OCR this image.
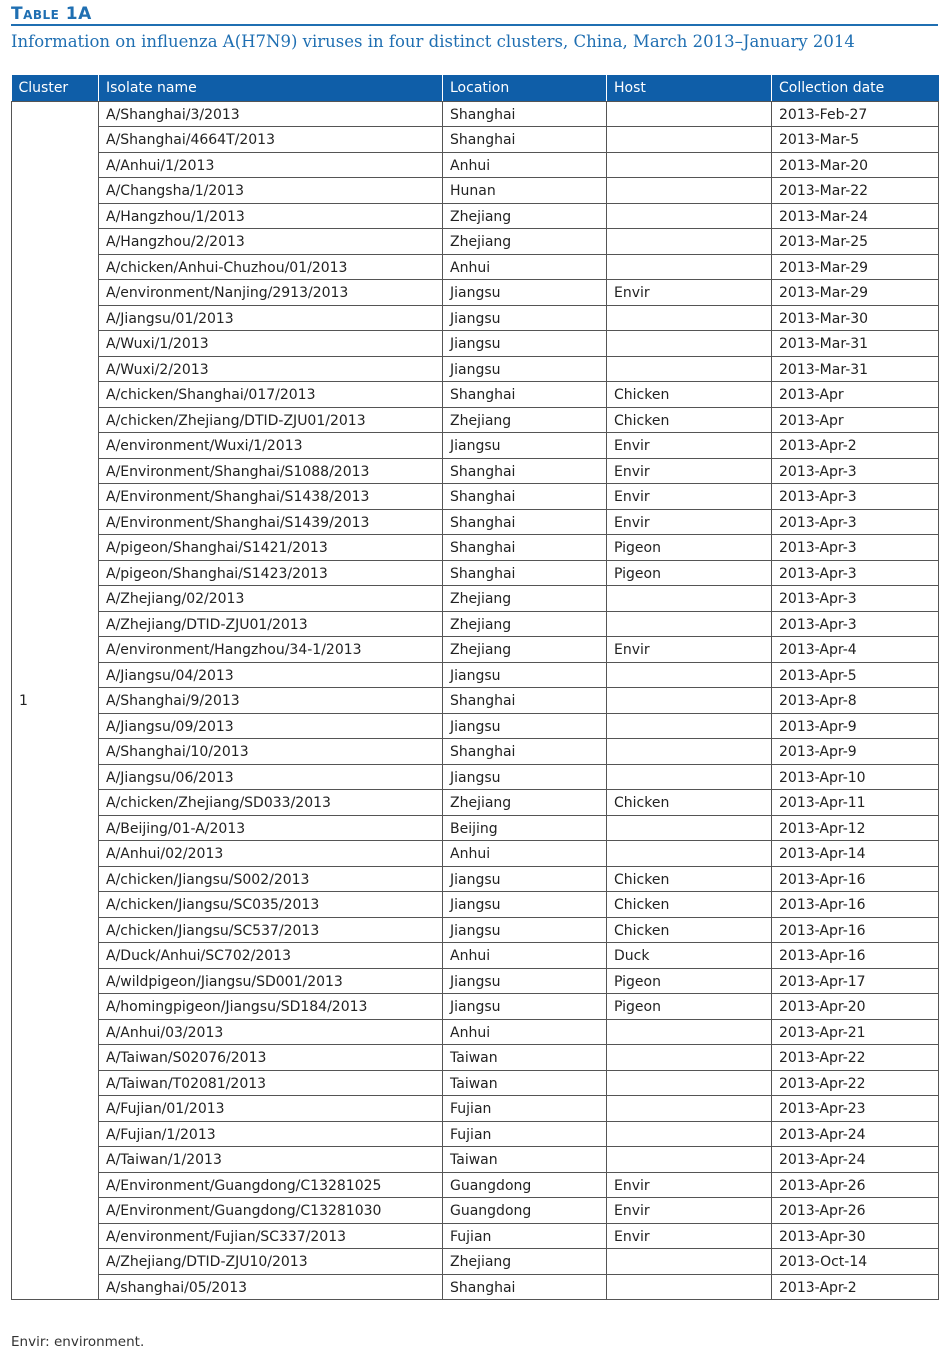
Table 1A
Information on influenza A(H7N9) viruses in four distinct clusters, China, March 2013–January 2014
Cluster	Isolate name	Location	Host	Collection date
1	A/Shanghai/3/2013	Shanghai		2013-Feb-27
	A/Shanghai/4664T/2013	Shanghai		2013-Mar-5
	A/Anhui/1/2013	Anhui		2013-Mar-20
	A/Changsha/1/2013	Hunan		2013-Mar-22
	A/Hangzhou/1/2013	Zhejiang		2013-Mar-24
	A/Hangzhou/2/2013	Zhejiang		2013-Mar-25
	A/chicken/Anhui-Chuzhou/01/2013	Anhui		2013-Mar-29
	A/environment/Nanjing/2913/2013	Jiangsu	Envir	2013-Mar-29
	A/Jiangsu/01/2013	Jiangsu		2013-Mar-30
	A/Wuxi/1/2013	Jiangsu		2013-Mar-31
	A/Wuxi/2/2013	Jiangsu		2013-Mar-31
	A/chicken/Shanghai/017/2013	Shanghai	Chicken	2013-Apr
	A/chicken/Zhejiang/DTID-ZJU01/2013	Zhejiang	Chicken	2013-Apr
	A/environment/Wuxi/1/2013	Jiangsu	Envir	2013-Apr-2
	A/Environment/Shanghai/S1088/2013	Shanghai	Envir	2013-Apr-3
	A/Environment/Shanghai/S1438/2013	Shanghai	Envir	2013-Apr-3
	A/Environment/Shanghai/S1439/2013	Shanghai	Envir	2013-Apr-3
	A/pigeon/Shanghai/S1421/2013	Shanghai	Pigeon	2013-Apr-3
	A/pigeon/Shanghai/S1423/2013	Shanghai	Pigeon	2013-Apr-3
	A/Zhejiang/02/2013	Zhejiang		2013-Apr-3
	A/Zhejiang/DTID-ZJU01/2013	Zhejiang		2013-Apr-3
	A/environment/Hangzhou/34-1/2013	Zhejiang	Envir	2013-Apr-4
	A/Jiangsu/04/2013	Jiangsu		2013-Apr-5
	A/Shanghai/9/2013	Shanghai		2013-Apr-8
	A/Jiangsu/09/2013	Jiangsu		2013-Apr-9
	A/Shanghai/10/2013	Shanghai		2013-Apr-9
	A/Jiangsu/06/2013	Jiangsu		2013-Apr-10
	A/chicken/Zhejiang/SD033/2013	Zhejiang	Chicken	2013-Apr-11
	A/Beijing/01-A/2013	Beijing		2013-Apr-12
	A/Anhui/02/2013	Anhui		2013-Apr-14
	A/chicken/Jiangsu/S002/2013	Jiangsu	Chicken	2013-Apr-16
	A/chicken/Jiangsu/SC035/2013	Jiangsu	Chicken	2013-Apr-16
	A/chicken/Jiangsu/SC537/2013	Jiangsu	Chicken	2013-Apr-16
	A/Duck/Anhui/SC702/2013	Anhui	Duck	2013-Apr-16
	A/wildpigeon/Jiangsu/SD001/2013	Jiangsu	Pigeon	2013-Apr-17
	A/homingpigeon/Jiangsu/SD184/2013	Jiangsu	Pigeon	2013-Apr-20
	A/Anhui/03/2013	Anhui		2013-Apr-21
	A/Taiwan/S02076/2013	Taiwan		2013-Apr-22
	A/Taiwan/T02081/2013	Taiwan		2013-Apr-22
	A/Fujian/01/2013	Fujian		2013-Apr-23
	A/Fujian/1/2013	Fujian		2013-Apr-24
	A/Taiwan/1/2013	Taiwan		2013-Apr-24
	A/Environment/Guangdong/C13281025	Guangdong	Envir	2013-Apr-26
	A/Environment/Guangdong/C13281030	Guangdong	Envir	2013-Apr-26
	A/environment/Fujian/SC337/2013	Fujian	Envir	2013-Apr-30
	A/Zhejiang/DTID-ZJU10/2013	Zhejiang		2013-Oct-14
	A/shanghai/05/2013	Shanghai		2013-Apr-2
Envir: environment.
